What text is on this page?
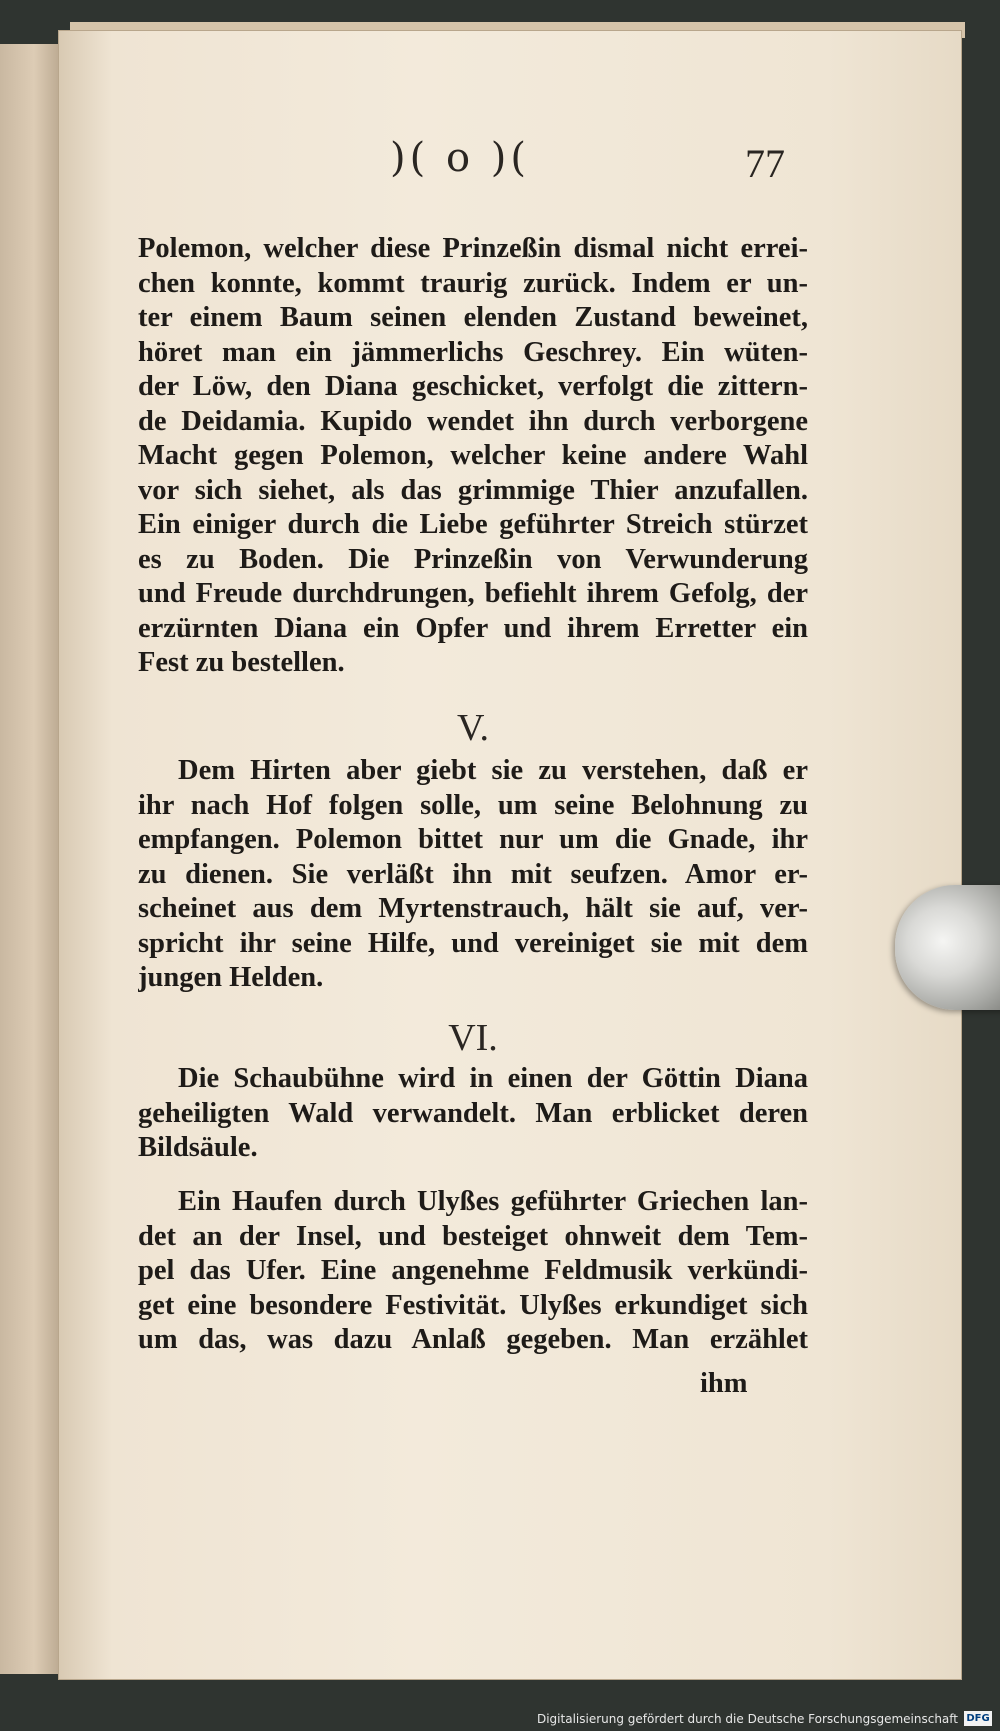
)( o )(	77
Polemon, welcher diese Prinzeßin dismal nicht errei-
chen konnte, kommt traurig zurück. Indem er un-
ter einem Baum seinen elenden Zustand beweinet,
höret man ein jämmerlichs Geschrey. Ein wüten-
der Löw, den Diana geschicket, verfolgt die zittern-
de Deidamia. Kupido wendet ihn durch verborgene
Macht gegen Polemon, welcher keine andere Wahl
vor sich siehet, als das grimmige Thier anzufallen.
Ein einiger durch die Liebe geführter Streich stürzet
es zu Boden. Die Prinzeßin von Verwunderung
und Freude durchdrungen, befiehlt ihrem Gefolg, der
erzürnten Diana ein Opfer und ihrem Erretter ein
Fest zu bestellen.
V.
Dem Hirten aber giebt sie zu verstehen, daß er
ihr nach Hof folgen solle, um seine Belohnung zu
empfangen. Polemon bittet nur um die Gnade, ihr
zu dienen. Sie verläßt ihn mit seufzen. Amor er-
scheinet aus dem Myrtenstrauch, hält sie auf, ver-
spricht ihr seine Hilfe, und vereiniget sie mit dem
jungen Helden.
VI.
Die Schaubühne wird in einen der Göttin Diana
geheiligten Wald verwandelt. Man erblicket deren
Bildsäule.
Ein Haufen durch Ulyßes geführter Griechen lan-
det an der Insel, und besteiget ohnweit dem Tem-
pel das Ufer. Eine angenehme Feldmusik verkündi-
get eine besondere Festivität. Ulyßes erkundiget sich
um das, was dazu Anlaß gegeben. Man erzählet
ihm
Digitalisierung gefördert durch die Deutsche Forschungsgemeinschaft DFG
